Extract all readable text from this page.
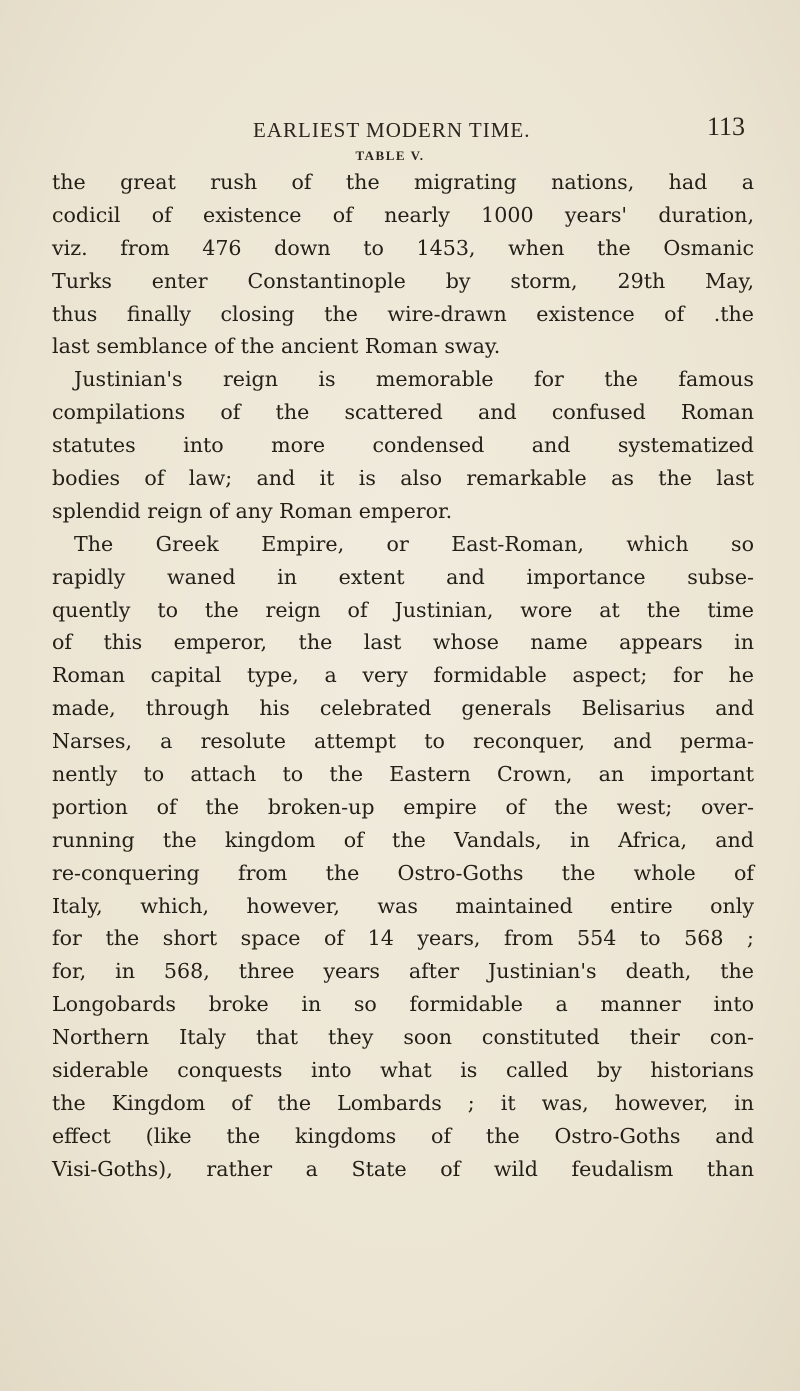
EARLIEST MODERN TIME.	113
TABLE V.
the great rush of the migrating nations, had a
codicil of existence of nearly 1000 years' duration,
viz. from 476 down to 1453, when the Osmanic
Turks enter Constantinople by storm, 29th May,
thus finally closing the wire-drawn existence of .the
last semblance of the ancient Roman sway.
Justinian's reign is memorable for the famous
compilations of the scattered and confused Roman
statutes into more condensed and systematized
bodies of law; and it is also remarkable as the last
splendid reign of any Roman emperor.
The Greek Empire, or East-Roman, which so
rapidly waned in extent and importance subse-
quently to the reign of Justinian, wore at the time
of this emperor, the last whose name appears in
Roman capital type, a very formidable aspect; for he
made, through his celebrated generals Belisarius and
Narses, a resolute attempt to reconquer, and perma-
nently to attach to the Eastern Crown, an important
portion of the broken-up empire of the west; over-
running the kingdom of the Vandals, in Africa, and
re-conquering from the Ostro-Goths the whole of
Italy, which, however, was maintained entire only
for the short space of 14 years, from 554 to 568 ;
for, in 568, three years after Justinian's death, the
Longobards broke in so formidable a manner into
Northern Italy that they soon constituted their con-
siderable conquests into what is called by historians
the Kingdom of the Lombards ; it was, however, in
effect (like the kingdoms of the Ostro-Goths and
Visi-Goths), rather a State of wild feudalism than
